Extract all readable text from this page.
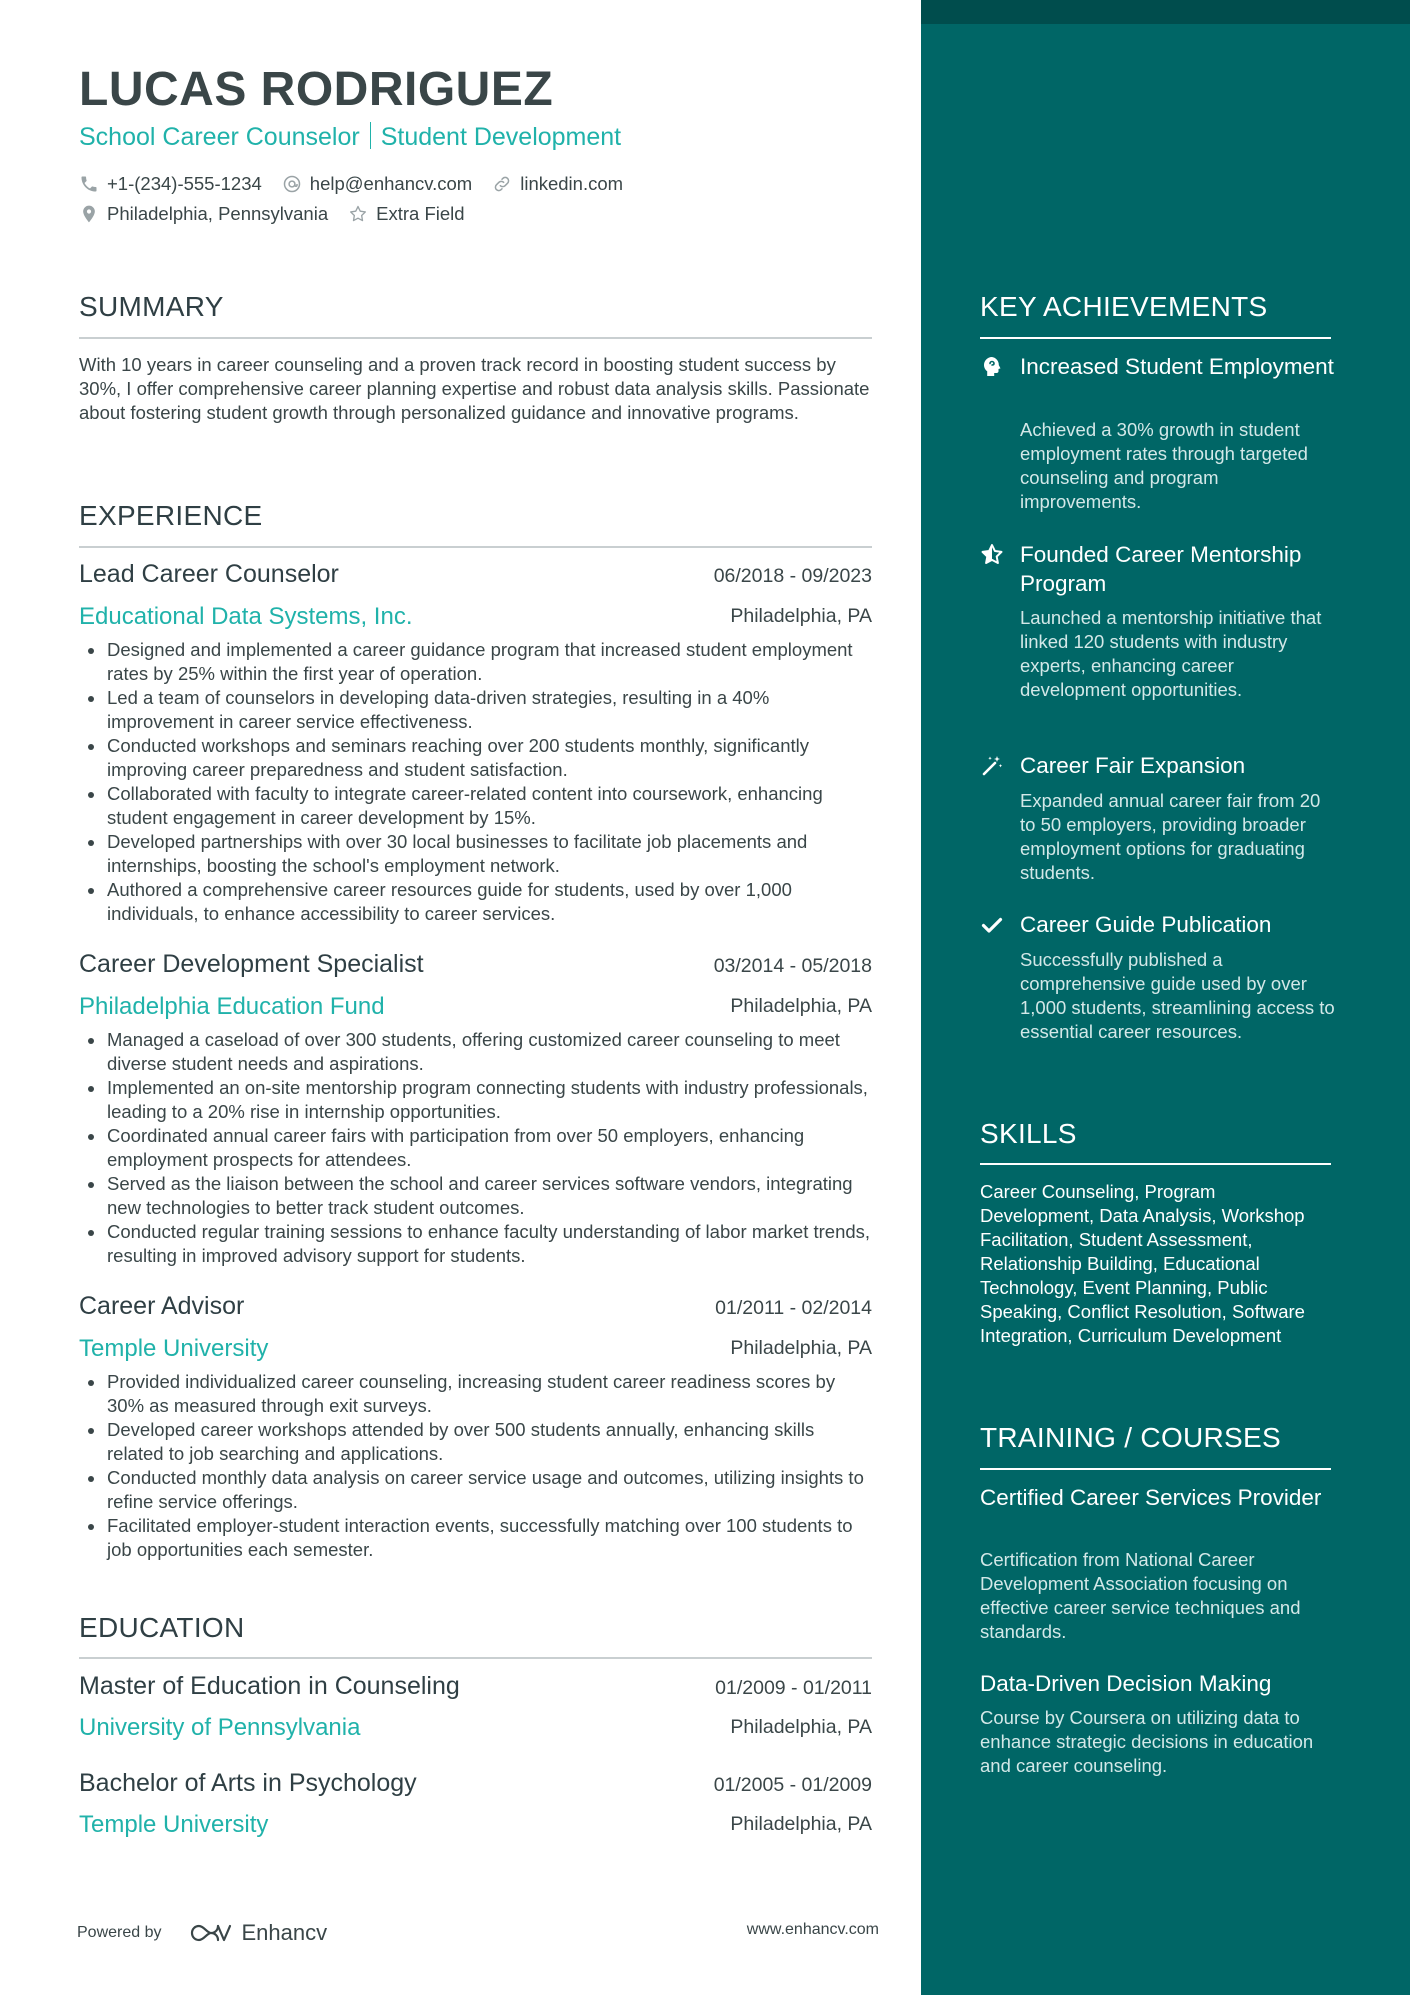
LUCAS RODRIGUEZ
School Career Counselor Student Development
+1-(234)-555-1234	help@enhancv.com	linkedin.com
Philadelphia, Pennsylvania	Extra Field
SUMMARY
With 10 years in career counseling and a proven track record in boosting student success by 30%, I offer comprehensive career planning expertise and robust data analysis skills. Passionate about fostering student growth through personalized guidance and innovative programs.
EXPERIENCE
Lead Career Counselor	06/2018 - 09/2023
Educational Data Systems, Inc.	Philadelphia, PA
Designed and implemented a career guidance program that increased student employment rates by 25% within the first year of operation.
Led a team of counselors in developing data-driven strategies, resulting in a 40% improvement in career service effectiveness.
Conducted workshops and seminars reaching over 200 students monthly, significantly improving career preparedness and student satisfaction.
Collaborated with faculty to integrate career-related content into coursework, enhancing student engagement in career development by 15%.
Developed partnerships with over 30 local businesses to facilitate job placements and internships, boosting the school's employment network.
Authored a comprehensive career resources guide for students, used by over 1,000 individuals, to enhance accessibility to career services.
Career Development Specialist	03/2014 - 05/2018
Philadelphia Education Fund	Philadelphia, PA
Managed a caseload of over 300 students, offering customized career counseling to meet diverse student needs and aspirations.
Implemented an on-site mentorship program connecting students with industry professionals, leading to a 20% rise in internship opportunities.
Coordinated annual career fairs with participation from over 50 employers, enhancing employment prospects for attendees.
Served as the liaison between the school and career services software vendors, integrating new technologies to better track student outcomes.
Conducted regular training sessions to enhance faculty understanding of labor market trends, resulting in improved advisory support for students.
Career Advisor	01/2011 - 02/2014
Temple University	Philadelphia, PA
Provided individualized career counseling, increasing student career readiness scores by 30% as measured through exit surveys.
Developed career workshops attended by over 500 students annually, enhancing skills related to job searching and applications.
Conducted monthly data analysis on career service usage and outcomes, utilizing insights to refine service offerings.
Facilitated employer-student interaction events, successfully matching over 100 students to job opportunities each semester.
EDUCATION
Master of Education in Counseling	01/2009 - 01/2011
University of Pennsylvania	Philadelphia, PA
Bachelor of Arts in Psychology	01/2005 - 01/2009
Temple University	Philadelphia, PA
KEY ACHIEVEMENTS
Increased Student Employment
Achieved a 30% growth in student employment rates through targeted counseling and program improvements.
Founded Career Mentorship Program
Launched a mentorship initiative that linked 120 students with industry experts, enhancing career development opportunities.
Career Fair Expansion
Expanded annual career fair from 20 to 50 employers, providing broader employment options for graduating students.
Career Guide Publication
Successfully published a comprehensive guide used by over 1,000 students, streamlining access to essential career resources.
SKILLS
Career Counseling, Program Development, Data Analysis, Workshop Facilitation, Student Assessment, Relationship Building, Educational Technology, Event Planning, Public Speaking, Conflict Resolution, Software Integration, Curriculum Development
TRAINING / COURSES
Certified Career Services Provider
Certification from National Career Development Association focusing on effective career service techniques and standards.
Data-Driven Decision Making
Course by Coursera on utilizing data to enhance strategic decisions in education and career counseling.
Powered by	Enhancv	www.enhancv.com
